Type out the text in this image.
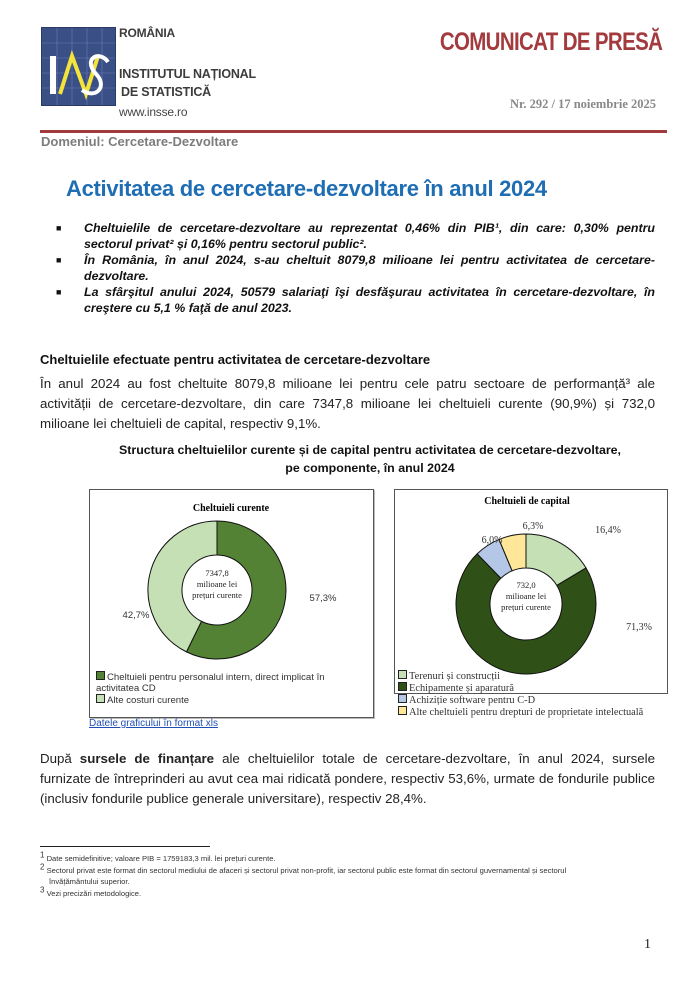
ROMÂNIA
INSTITUTUL NAȚIONAL
DE STATISTICĂ
www.insse.ro
COMUNICAT DE PRESĂ
Nr. 292 / 17 noiembrie 2025
Domeniul: Cercetare-Dezvoltare
Activitatea de cercetare-dezvoltare în anul 2024
■ Cheltuielile de cercetare-dezvoltare au reprezentat 0,46% din PIB¹, din care: 0,30% pentru sectorul privat² și 0,16% pentru sectorul public².
■ În România, în anul 2024, s-au cheltuit 8079,8 milioane lei pentru activitatea de cercetare-dezvoltare.
■ La sfârşitul anului 2024, 50579 salariaţi îşi desfăşurau activitatea în cercetare-dezvoltare, în creştere cu 5,1 % faţă de anul 2023.
Cheltuielile efectuate pentru activitatea de cercetare-dezvoltare
În anul 2024 au fost cheltuite 8079,8 milioane lei pentru cele patru sectoare de performanță³ ale activității de cercetare-dezvoltare, din care 7347,8 milioane lei cheltuieli curente (90,9%) și 732,0 milioane lei cheltuieli de capital, respectiv 9,1%.
Structura cheltuielilor curente și de capital pentru activitatea de cercetare-dezvoltare,
pe componente, în anul 2024
Cheltuieli curente
57,3%
42,7%
7347,8
milioane lei
prețuri curente
Cheltuieli pentru personalul intern, direct implicat în activitatea CD
Alte costuri curente
Cheltuieli de capital
16,4%
71,3%
6,0%
6,3%
732,0
milioane lei
prețuri curente
Terenuri și construcții
Echipamente și aparatură
Achiziție software pentru C-D
Alte cheltuieli pentru drepturi de proprietate intelectuală
Datele graficului în format xls
După sursele de finanțare ale cheltuielilor totale de cercetare-dezvoltare, în anul 2024, sursele furnizate de întreprinderi au avut cea mai ridicată pondere, respectiv 53,6%, urmate de fondurile publice (inclusiv fondurile publice generale universitare), respectiv 28,4%.
$^1$ Date semidefinitive; valoare PIB = 1759183,3 mil. lei prețuri curente.
$^2$ Sectorul privat este format din sectorul mediului de afaceri și sectorul privat non-profit, iar sectorul public este format din sectorul guvernamental și sectorul
învățământului superior.
$^3$ Vezi precizări metodologice.
1
